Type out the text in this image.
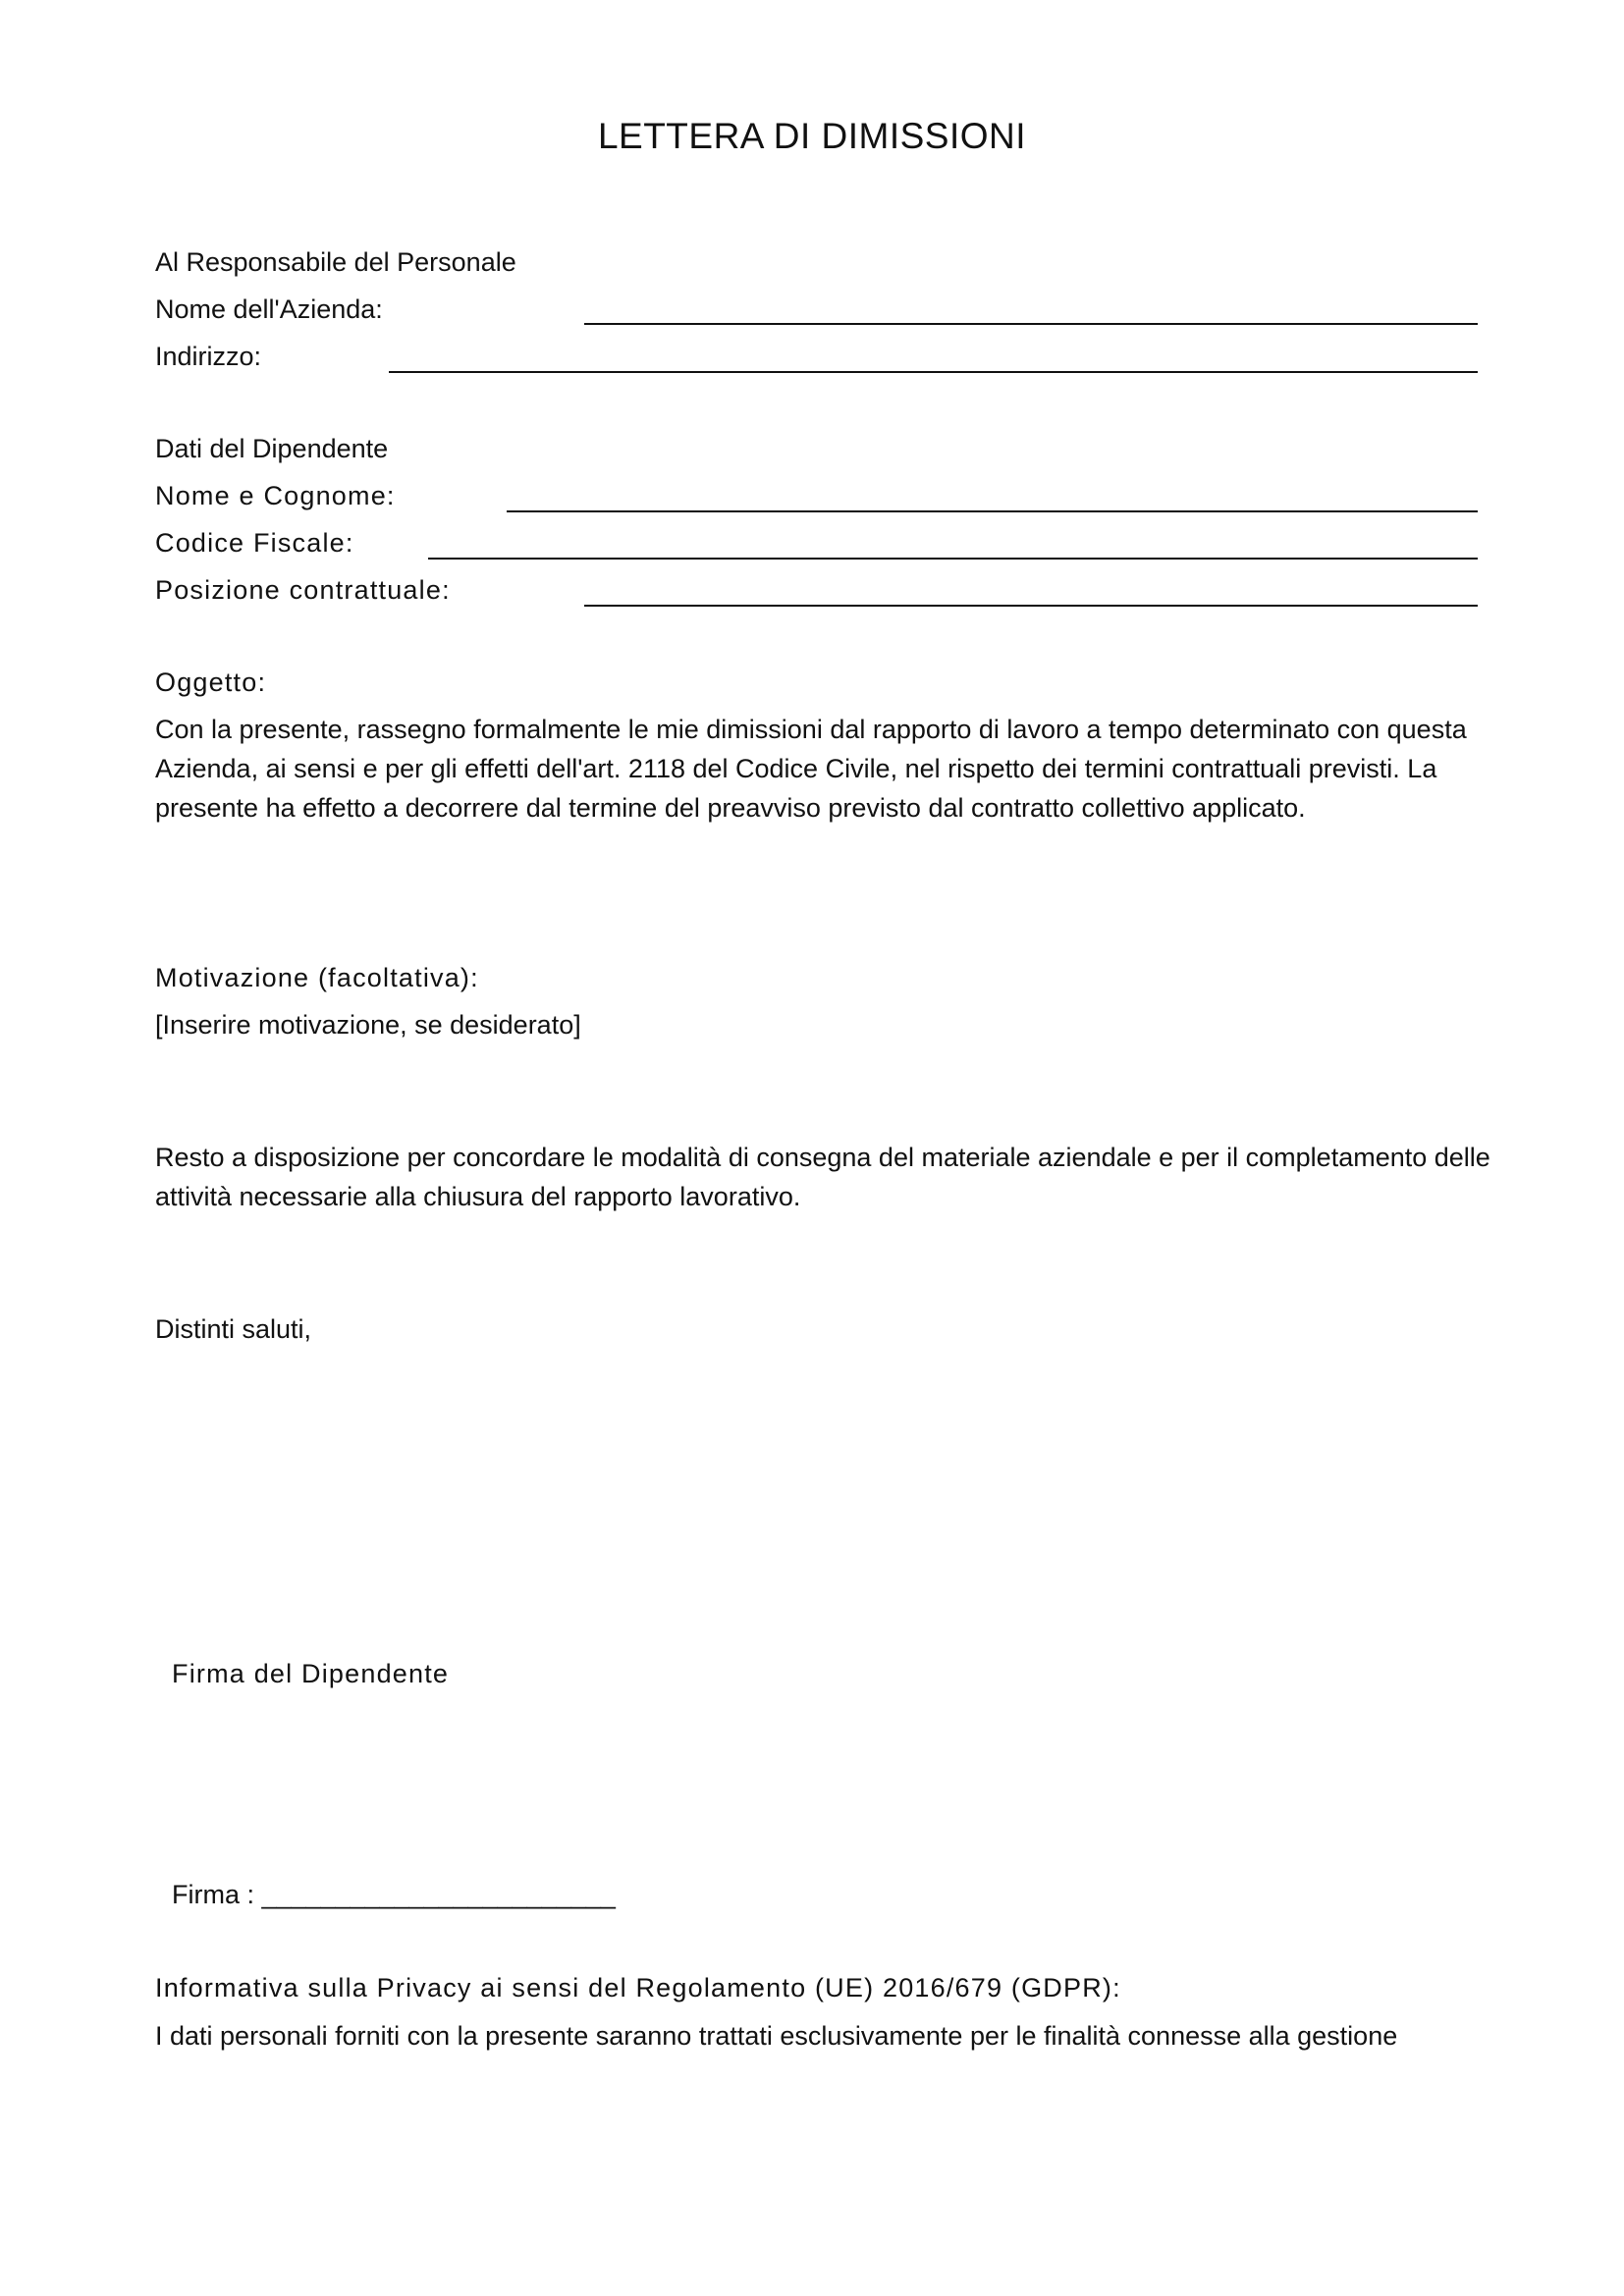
LETTERA DI DIMISSIONI
Al Responsabile del Personale
Nome dell'Azienda:
Indirizzo:
Dati del Dipendente
Nome e Cognome:
Codice Fiscale:
Posizione contrattuale:
Oggetto:
Con la presente, rassegno formalmente le mie dimissioni dal rapporto di lavoro a tempo determinato con questa Azienda, ai sensi e per gli effetti dell'art. 2118 del Codice Civile, nel rispetto dei termini contrattuali previsti. La presente ha effetto a decorrere dal termine del preavviso previsto dal contratto collettivo applicato.
Motivazione (facoltativa):
[Inserire motivazione, se desiderato]
Resto a disposizione per concordare le modalità di consegna del materiale aziendale e per il completamento delle attività necessarie alla chiusura del rapporto lavorativo.
Distinti saluti,
Firma del Dipendente
Firma : ________________________
Informativa sulla Privacy ai sensi del Regolamento (UE) 2016/679 (GDPR):
I dati personali forniti con la presente saranno trattati esclusivamente per le finalità connesse alla gestione
